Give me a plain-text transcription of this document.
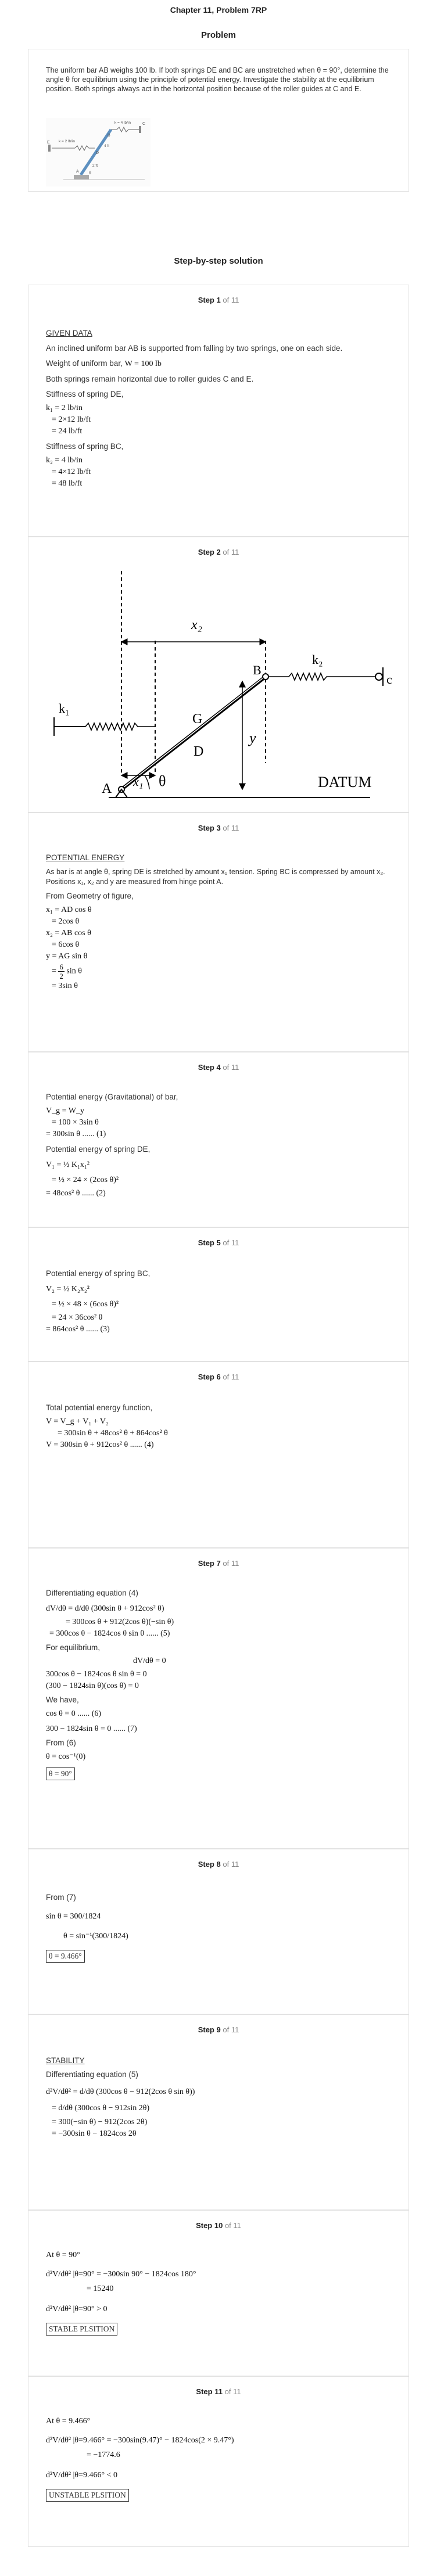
Chapter 11, Problem 7RP
Problem
The uniform bar AB weighs 100 lb. If both springs DE and BC are unstretched when θ = 90°, determine the angle θ for equilibrium using the principle of potential energy. Investigate the stability at the equilibrium position. Both springs always act in the horizontal position because of the roller guides at C and E.
E
C
k = 2 lb/in
k = 4 lb/in
D
B
A
4 ft
2 ft
θ
Step-by-step solution
Step 1 of 11
GIVEN DATA
An inclined uniform bar AB is supported from falling by two springs, one on each side.
Weight of uniform bar, W = 100 lb
Both springs remain horizontal due to roller guides C and E.
Stiffness of spring DE,
k₁ = 2 lb/in
= 2×12 lb/ft
= 24 lb/ft
Stiffness of spring BC,
k₂ = 4 lb/in
= 4×12 lb/ft
= 48 lb/ft
Step 2 of 11
x₂
k₁
k₂
c
B
G
D
y
θ
A	DATUM
x₁
Step 3 of 11
POTENTIAL ENERGY
As bar is at angle θ, spring DE is stretched by amount x₁ tension. Spring BC is compressed by amount x₂. Positions x₁, x₂ and y are measured from hinge point A.
From Geometry of figure,
x₁ = AD cos θ
= 2cos θ
x₂ = AB cos θ
= 6cos θ
y = AG sin θ
= $\frac{6}{2}$ sin θ
= 3sin θ
Step 4 of 11
Potential energy (Gravitational) of bar,
V_g = W_y
= 100 × 3sin θ
= 300sin θ ...... (1)
Potential energy of spring DE,
V₁ = ½ K₁x₁²
= ½ × 24 × (2cos θ)²
= 48cos² θ ...... (2)
Step 5 of 11
Potential energy of spring BC,
V₂ = ½ K₂x₂²
= ½ × 48 × (6cos θ)²
= 24 × 36cos² θ
= 864cos² θ ...... (3)
Step 6 of 11
Total potential energy function,
V = V_g + V₁ + V₂
= 300sin θ + 48cos² θ + 864cos² θ
V = 300sin θ + 912cos² θ ...... (4)
Step 7 of 11
Differentiating equation (4)
dV/dθ = d/dθ (300sin θ + 912cos² θ)
= 300cos θ + 912(2cos θ)(−sin θ)
= 300cos θ − 1824cos θ sin θ ...... (5)
For equilibrium,
dV/dθ = 0
300cos θ − 1824cos θ sin θ = 0
(300 − 1824sin θ)(cos θ) = 0
We have,
cos θ = 0 ...... (6)
300 − 1824sin θ = 0 ...... (7)
From (6)
θ = cos⁻¹(0)
θ = 90°
Step 8 of 11
From (7)
sin θ = 300/1824
θ = sin⁻¹(300/1824)
θ = 9.466°
Step 9 of 11
STABILITY
Differentiating equation (5)
d²V/dθ² = d/dθ (300cos θ − 912(2cos θ sin θ))
= d/dθ (300cos θ − 912sin 2θ)
= 300(−sin θ) − 912(2cos 2θ)
= −300sin θ − 1824cos 2θ
Step 10 of 11
At θ = 90°
d²V/dθ² |θ=90° = −300sin 90° − 1824cos 180°
= 15240
d²V/dθ² |θ=90° > 0
STABLE PLSITION
Step 11 of 11
At θ = 9.466°
d²V/dθ² |θ=9.466° = −300sin(9.47)° − 1824cos(2 × 9.47°)
= −1774.6
d²V/dθ² |θ=9.466° < 0
UNSTABLE PLSITION
